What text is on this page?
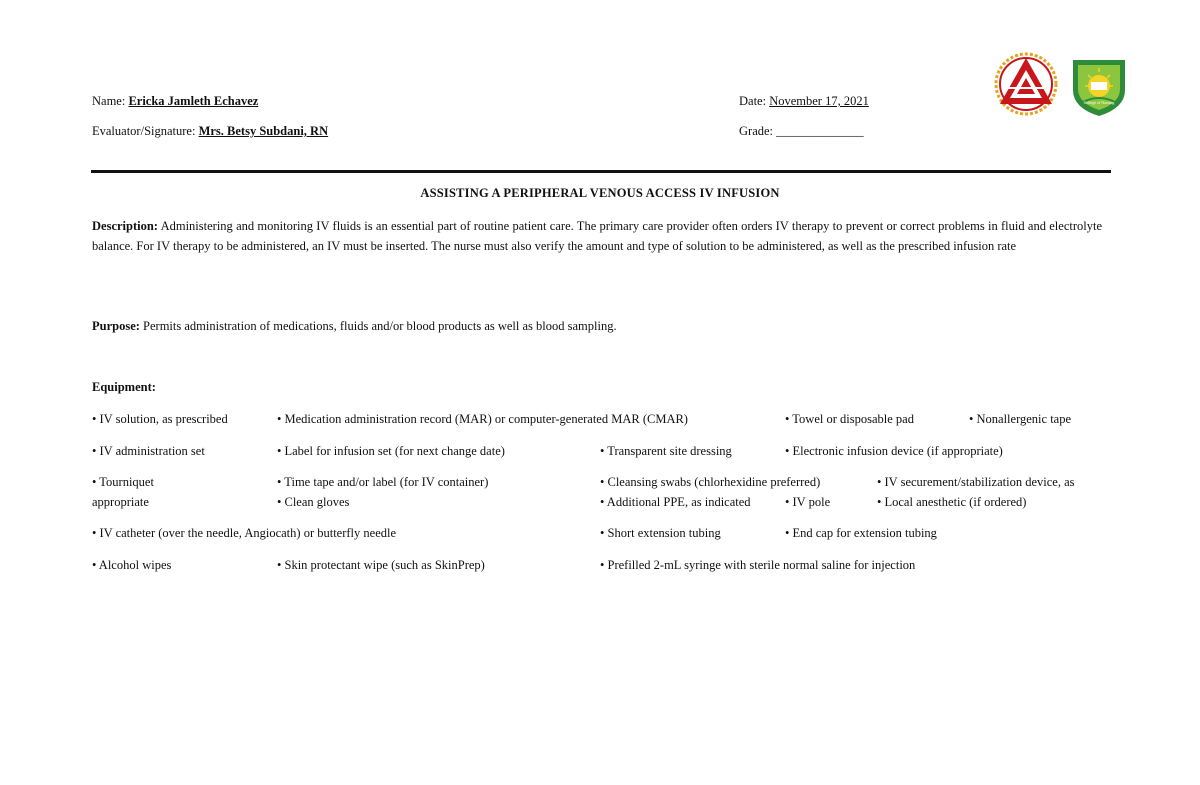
Name: Ericka Jamleth Echavez
Evaluator/Signature: Mrs. Betsy Subdani, RN
Date: November 17, 2021
Grade: ______________
College of Nursing
ASSISTING A PERIPHERAL VENOUS ACCESS IV INFUSION
Description: Administering and monitoring IV fluids is an essential part of routine patient care. The primary care provider often orders IV therapy to prevent or correct problems in fluid and electrolyte balance. For IV therapy to be administered, an IV must be inserted. The nurse must also verify the amount and type of solution to be administered, as well as the prescribed infusion rate
Purpose: Permits administration of medications, fluids and/or blood products as well as blood sampling.
Equipment:
• IV solution, as prescribed	• Medication administration record (MAR) or computer-generated MAR (CMAR)	• Towel or disposable pad	• Nonallergenic tape
• IV administration set	• Label for infusion set (for next change date)	• Transparent site dressing	• Electronic infusion device (if appropriate)
• Tourniquet	• Time tape and/or label (for IV container)	• Cleansing swabs (chlorhexidine preferred)	• IV securement/stabilization device, as
appropriate	• Clean gloves	• Additional PPE, as indicated	• IV pole	• Local anesthetic (if ordered)
• IV catheter (over the needle, Angiocath) or butterfly needle	• Short extension tubing	• End cap for extension tubing
• Alcohol wipes	• Skin protectant wipe (such as SkinPrep)	• Prefilled 2-mL syringe with sterile normal saline for injection
